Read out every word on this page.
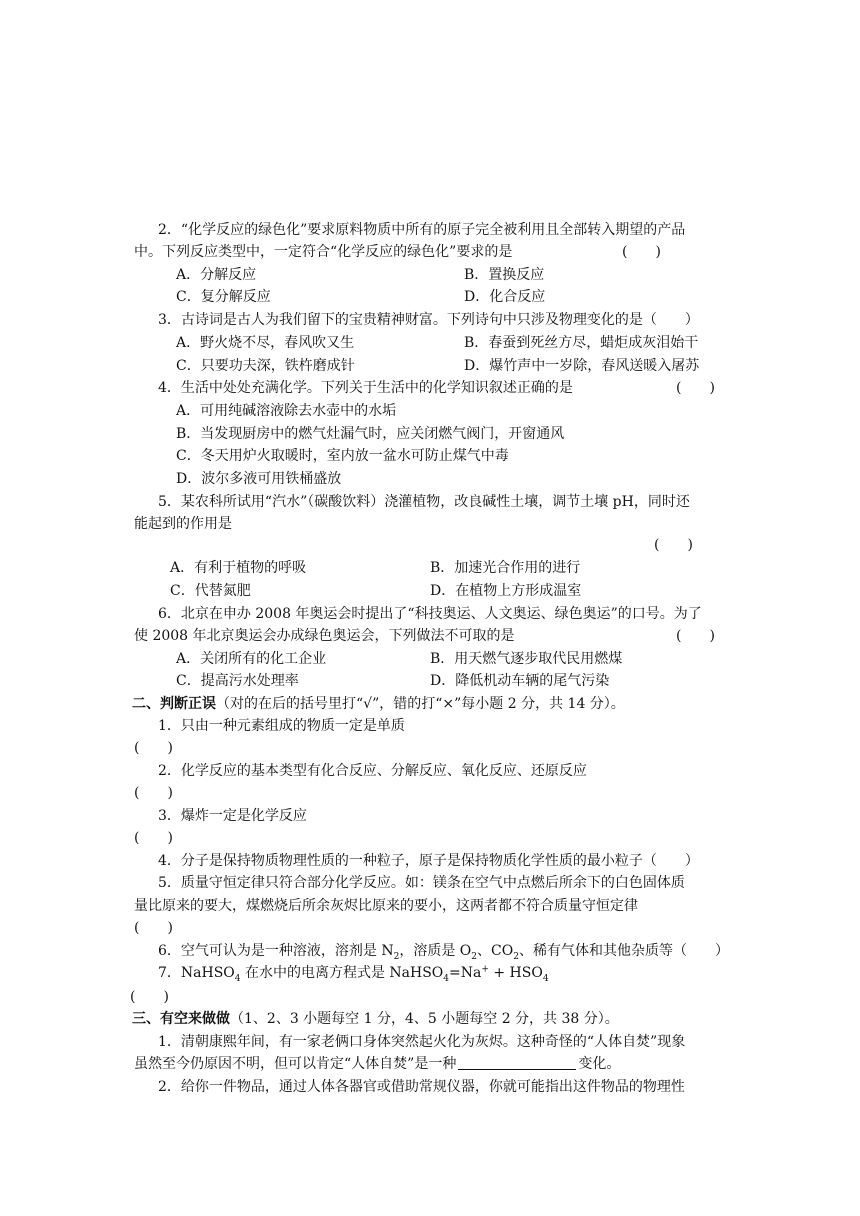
2．“化学反应的绿色化”要求原料物质中所有的原子完全被利用且全部转入期望的产品
中。下列反应类型中，一定符合“化学反应的绿色化”要求的是	(　　)
A．分解反应	B．置换反应
C．复分解反应	D．化合反应
3．古诗词是古人为我们留下的宝贵精神财富。下列诗句中只涉及物理变化的是（　　）
A．野火烧不尽，春风吹又生	B．春蚕到死丝方尽，蜡炬成灰泪始干
C．只要功夫深，铁杵磨成针	D．爆竹声中一岁除，春风送暖入屠苏
4．生活中处处充满化学。下列关于生活中的化学知识叙述正确的是	(　　)
A．可用纯碱溶液除去水壶中的水垢
B．当发现厨房中的燃气灶漏气时，应关闭燃气阀门，开窗通风
C．冬天用炉火取暖时，室内放一盆水可防止煤气中毒
D．波尔多液可用铁桶盛放
5．某农科所试用“汽水”（碳酸饮料）浇灌植物，改良碱性土壤，调节土壤 pH，同时还
能起到的作用是
(　　)
A．有利于植物的呼吸	B．加速光合作用的进行
C．代替氮肥	D．在植物上方形成温室
6．北京在申办 2008 年奥运会时提出了“科技奥运、人文奥运、绿色奥运”的口号。为了
使 2008 年北京奥运会办成绿色奥运会，下列做法不可取的是	(　　)
A．关闭所有的化工企业	B．用天燃气逐步取代民用燃煤
C．提高污水处理率	D．降低机动车辆的尾气污染
二、判断正误（对的在后的括号里打“√”，错的打“×”每小题 2 分，共 14 分）。
1．只由一种元素组成的物质一定是单质
(　　)
2．化学反应的基本类型有化合反应、分解反应、氧化反应、还原反应
(　　)
3．爆炸一定是化学反应
(　　)
4．分子是保持物质物理性质的一种粒子，原子是保持物质化学性质的最小粒子（　　）
5．质量守恒定律只符合部分化学反应。如：镁条在空气中点燃后所余下的白色固体质
量比原来的要大，煤燃烧后所余灰烬比原来的要小，这两者都不符合质量守恒定律
(　　)
6．空气可认为是一种溶液，溶剂是 $N_2$，溶质是 $O_2$、$CO_2$、稀有气体和其他杂质等（　　）
7．NaHSO$_4$ 在水中的电离方程式是 NaHSO$_4$=Na+ + $HSO_4$
(　　)
三、有空来做做（1、2、3 小题每空 1 分，4、5 小题每空 2 分，共 38 分）。
1．清朝康熙年间，有一家老俩口身体突然起火化为灰烬。这种奇怪的“人体自焚”现象
虽然至今仍原因不明，但可以肯定“人体自焚”是一种	变化。
2．给你一件物品，通过人体各器官或借助常规仪器，你就可能指出这件物品的物理性
